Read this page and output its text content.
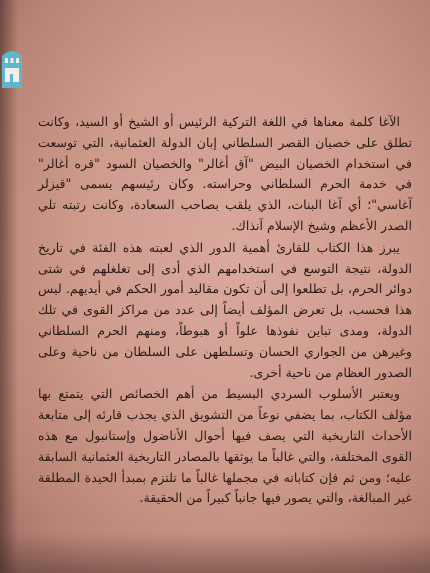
الآغا كلمة معناها في اللغة التركية الرئيس أو الشيخ أو السيد، وكانت تطلق على خصيان القصر السلطاني إبان الدولة العثمانية، التي توسعت في استخدام الخصيان البيض "آق أغالر" والخصيان السود "قره أغالر" في خدمة الحرم السلطاني وحراسته. وكان رئيسهم يسمى "قيزلر آغاسي"؛ أي آغا البنات، الذي يلقب بصاحب السعادة، وكانت رتبته تلي الصدر الأعظم وشيخ الإسلام آنذاك.

يبرز هذا الكتاب للقارئ أهمية الدور الذي لعبته هذه الفئة في تاريخ الدولة، نتيجة التوسع في استخدامهم الذي أدى إلى تغلغلهم في شتى دوائر الحرم، بل تطلعوا إلى أن تكون مقاليد أمور الحكم في أيديهم. ليس هذا فحسب، بل تعرض المؤلف أيضاً إلى عدد من مراكز القوى في تلك الدولة، ومدى تباين نفوذها علواً أو هبوطاً، ومنهم الحرم السلطاني وغيرهن من الجواري الحسان وتسلطهن على السلطان من ناحية وعلى الصدور العظام من ناحية أخرى.

ويعتبر الأسلوب السردي البسيط من أهم الخصائص التي يتمتع بها مؤلف الكتاب، بما يضفي نوعاً من التشويق الذي يجذب قارئه إلى متابعة الأحداث التاريخية التي يصف فيها أحوال الأناضول وإستانبول مع هذه القوى المختلفة، والتي غالباً ما يوثقها بالمصادر التاريخية العثمانية السابقة عليه؛ ومن ثم فإن كتاباته في مجملها غالباً ما تلتزم بمبدأ الحيدة المطلقة غير المبالغة، والتي يصور فيها جانباً كبيراً من الحقيقة.
